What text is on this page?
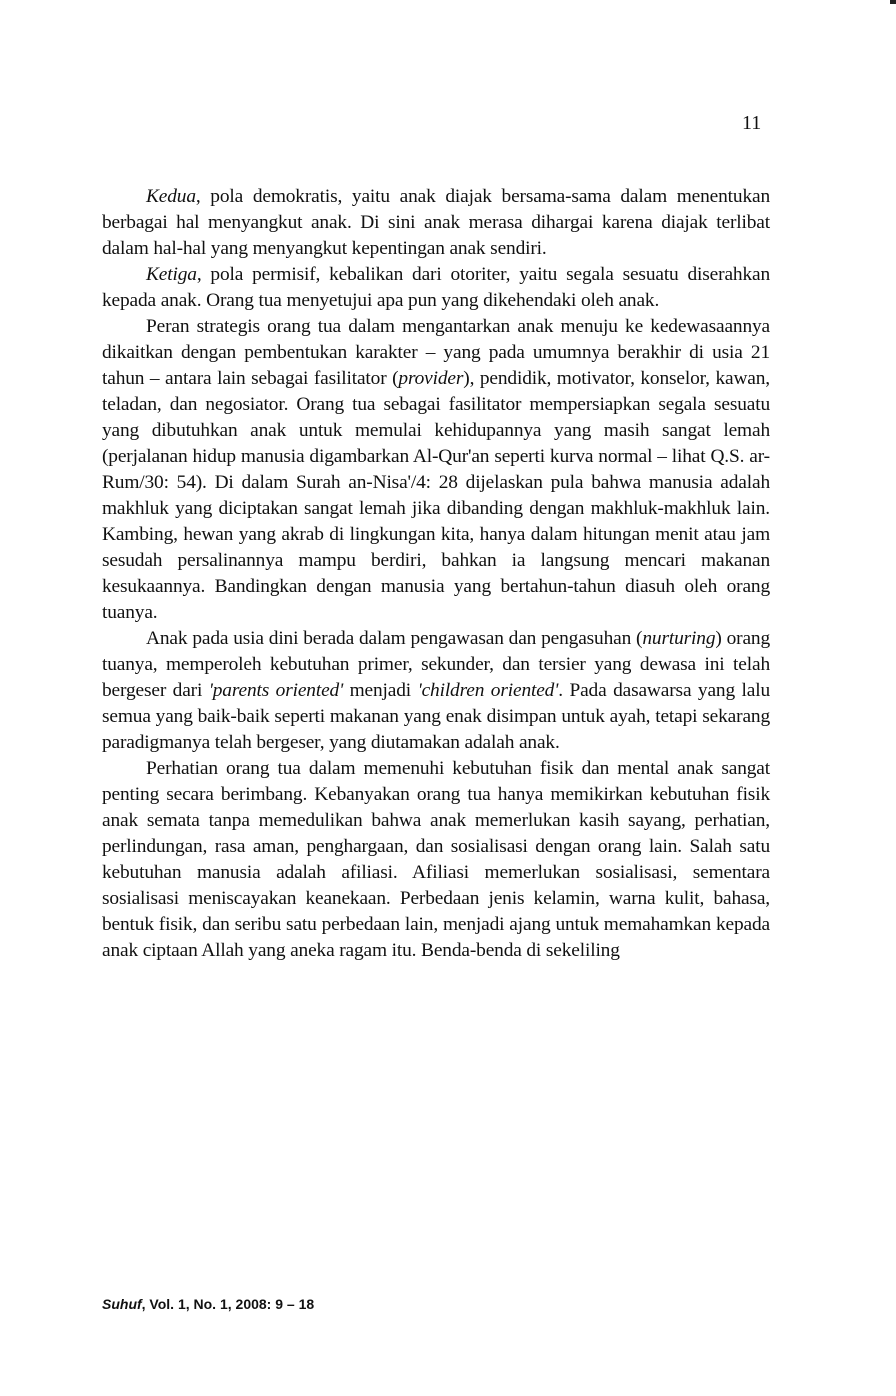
11

Kedua, pola demokratis, yaitu anak diajak bersama-sama dalam menentukan berbagai hal menyangkut anak. Di sini anak merasa dihargai karena diajak terlibat dalam hal-hal yang menyangkut kepentingan anak sendiri.

Ketiga, pola permisif, kebalikan dari otoriter, yaitu segala sesuatu diserahkan kepada anak. Orang tua menyetujui apa pun yang dikehendaki oleh anak.

Peran strategis orang tua dalam mengantarkan anak menuju ke kedewasaannya dikaitkan dengan pembentukan karakter – yang pada umumnya berakhir di usia 21 tahun – antara lain sebagai fasilitator (provider), pendidik, motivator, konselor, kawan, teladan, dan negosiator. Orang tua sebagai fasilitator mempersiapkan segala sesuatu yang dibutuhkan anak untuk memulai kehidupannya yang masih sangat lemah (perjalanan hidup manusia digambarkan Al-Qur'an seperti kurva normal – lihat Q.S. ar-Rum/30: 54). Di dalam Surah an-Nisa'/4: 28 dijelaskan pula bahwa manusia adalah makhluk yang diciptakan sangat lemah jika dibanding dengan makhluk-makhluk lain. Kambing, hewan yang akrab di lingkungan kita, hanya dalam hitungan menit atau jam sesudah persalinannya mampu berdiri, bahkan ia langsung mencari makanan kesukaannya. Bandingkan dengan manusia yang bertahun-tahun diasuh oleh orang tuanya.

Anak pada usia dini berada dalam pengawasan dan pengasuhan (nurturing) orang tuanya, memperoleh kebutuhan primer, sekunder, dan tersier yang dewasa ini telah bergeser dari 'parents oriented' menjadi 'children oriented'. Pada dasawarsa yang lalu semua yang baik-baik seperti makanan yang enak disimpan untuk ayah, tetapi sekarang paradigmanya telah bergeser, yang diutamakan adalah anak.

Perhatian orang tua dalam memenuhi kebutuhan fisik dan mental anak sangat penting secara berimbang. Kebanyakan orang tua hanya memikirkan kebutuhan fisik anak semata tanpa memedulikan bahwa anak memerlukan kasih sayang, perhatian, perlindungan, rasa aman, penghargaan, dan sosialisasi dengan orang lain. Salah satu kebutuhan manusia adalah afiliasi. Afiliasi memerlukan sosialisasi, sementara sosialisasi meniscayakan keanekaan. Perbedaan jenis kelamin, warna kulit, bahasa, bentuk fisik, dan seribu satu perbedaan lain, menjadi ajang untuk memahamkan kepada anak ciptaan Allah yang aneka ragam itu. Benda-benda di sekeliling

Suhuf, Vol. 1, No. 1, 2008: 9 – 18
